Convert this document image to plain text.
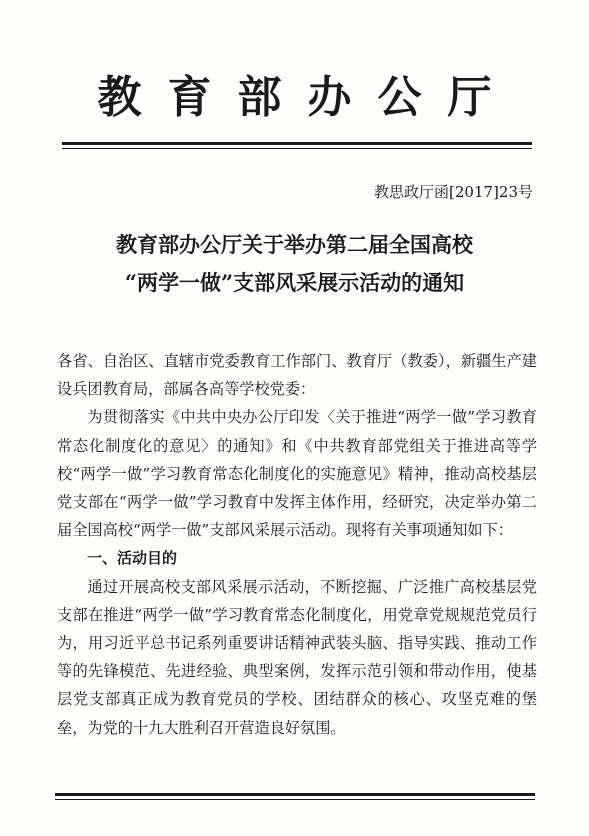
教育部办公厅
教思政厅函[2017]23号
教育部办公厅关于举办第二届全国高校
“两学一做”支部风采展示活动的通知

各省、自治区、直辖市党委教育工作部门、教育厅（教委），新疆生产建设兵团教育局，部属各高等学校党委：

为贯彻落实《中共中央办公厅印发〈关于推进“两学一做”学习教育常态化制度化的意见〉的通知》和《中共教育部党组关于推进高等学校“两学一做”学习教育常态化制度化的实施意见》精神，推动高校基层党支部在“两学一做”学习教育中发挥主体作用，经研究，决定举办第二届全国高校“两学一做”支部风采展示活动。现将有关事项通知如下：

一、活动目的

通过开展高校支部风采展示活动，不断挖掘、广泛推广高校基层党支部在推进“两学一做”学习教育常态化制度化，用党章党规规范党员行为，用习近平总书记系列重要讲话精神武装头脑、指导实践、推动工作等的先锋模范、先进经验、典型案例，发挥示范引领和带动作用，使基层党支部真正成为教育党员的学校、团结群众的核心、攻坚克难的堡垒，为党的十九大胜利召开营造良好氛围。
